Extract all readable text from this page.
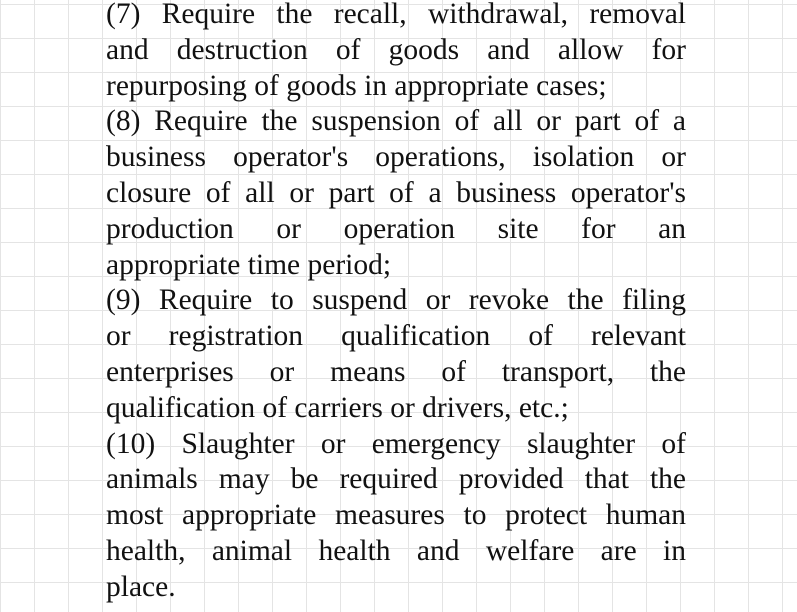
(7) Require the recall, withdrawal, removal
and destruction of goods and allow for
repurposing of goods in appropriate cases;
(8) Require the suspension of all or part of a
business operator's operations, isolation or
closure of all or part of a business operator's
production or operation site for an
appropriate time period;
(9) Require to suspend or revoke the filing
or registration qualification of relevant
enterprises or means of transport, the
qualification of carriers or drivers, etc.;
(10) Slaughter or emergency slaughter of
animals may be required provided that the
most appropriate measures to protect human
health, animal health and welfare are in
place.
